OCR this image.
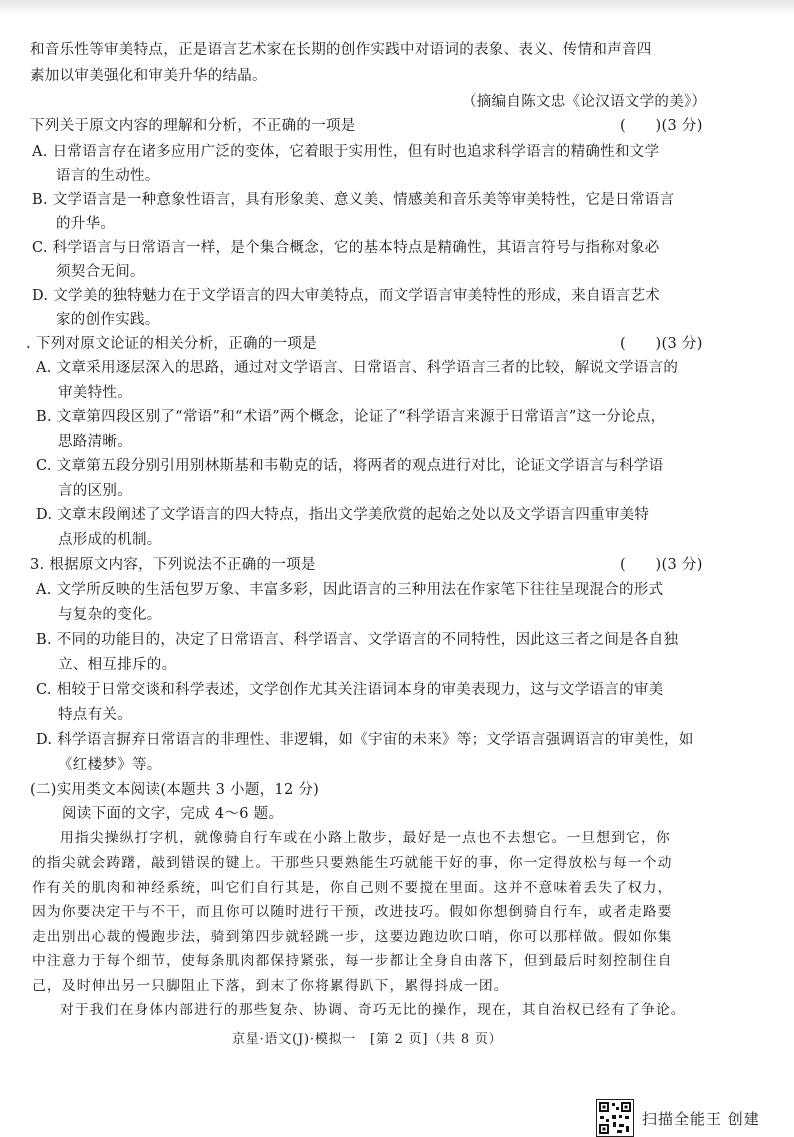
和音乐性等审美特点，正是语言艺术家在长期的创作实践中对语词的表象、表义、传情和声音四
素加以审美强化和审美升华的结晶。
（摘编自陈文忠《论汉语文学的美》）
下列关于原文内容的理解和分析，不正确的一项是	(　　)(3 分)
A. 日常语言存在诸多应用广泛的变体，它着眼于实用性，但有时也追求科学语言的精确性和文学
语言的生动性。
B. 文学语言是一种意象性语言，具有形象美、意义美、情感美和音乐美等审美特性，它是日常语言
的升华。
C. 科学语言与日常语言一样，是个集合概念，它的基本特点是精确性，其语言符号与指称对象必
须契合无间。
D. 文学美的独特魅力在于文学语言的四大审美特点，而文学语言审美特性的形成，来自语言艺术
家的创作实践。
. 下列对原文论证的相关分析，正确的一项是	(　　)(3 分)
A. 文章采用逐层深入的思路，通过对文学语言、日常语言、科学语言三者的比较，解说文学语言的
审美特性。
B. 文章第四段区别了“常语”和“术语”两个概念，论证了“科学语言来源于日常语言”这一分论点，
思路清晰。
C. 文章第五段分别引用别林斯基和韦勒克的话，将两者的观点进行对比，论证文学语言与科学语
言的区别。
D. 文章末段阐述了文学语言的四大特点，指出文学美欣赏的起始之处以及文学语言四重审美特
点形成的机制。
3. 根据原文内容，下列说法不正确的一项是	(　　)(3 分)
A. 文学所反映的生活包罗万象、丰富多彩，因此语言的三种用法在作家笔下往往呈现混合的形式
与复杂的变化。
B. 不同的功能目的，决定了日常语言、科学语言、文学语言的不同特性，因此这三者之间是各自独
立、相互排斥的。
C. 相较于日常交谈和科学表述，文学创作尤其关注语词本身的审美表现力，这与文学语言的审美
特点有关。
D. 科学语言摒弃日常语言的非理性、非逻辑，如《宇宙的未来》等；文学语言强调语言的审美性，如
《红楼梦》等。
(二)实用类文本阅读(本题共 3 小题，12 分)
阅读下面的文字，完成 4～6 题。
用指尖操纵打字机，就像骑自行车或在小路上散步，最好是一点也不去想它。一旦想到它，你
的指尖就会踌躇，敲到错误的键上。干那些只要熟能生巧就能干好的事，你一定得放松与每一个动
作有关的肌肉和神经系统，叫它们自行其是，你自己则不要搅在里面。这并不意味着丢失了权力，
因为你要决定干与不干，而且你可以随时进行干预，改进技巧。假如你想倒骑自行车，或者走路要
走出别出心裁的慢跑步法，骑到第四步就轻跳一步，这要边跑边吹口哨，你可以那样做。假如你集
中注意力于每个细节，使每条肌肉都保持紧张，每一步都让全身自由落下，但到最后时刻控制住自
己，及时伸出另一只脚阻止下落，到末了你将累得趴下，累得抖成一团。
对于我们在身体内部进行的那些复杂、协调、奇巧无比的操作，现在，其自治权已经有了争论。
京星·语文(J)·模拟一　[第 2 页]（共 8 页）
扫描全能王 创建
